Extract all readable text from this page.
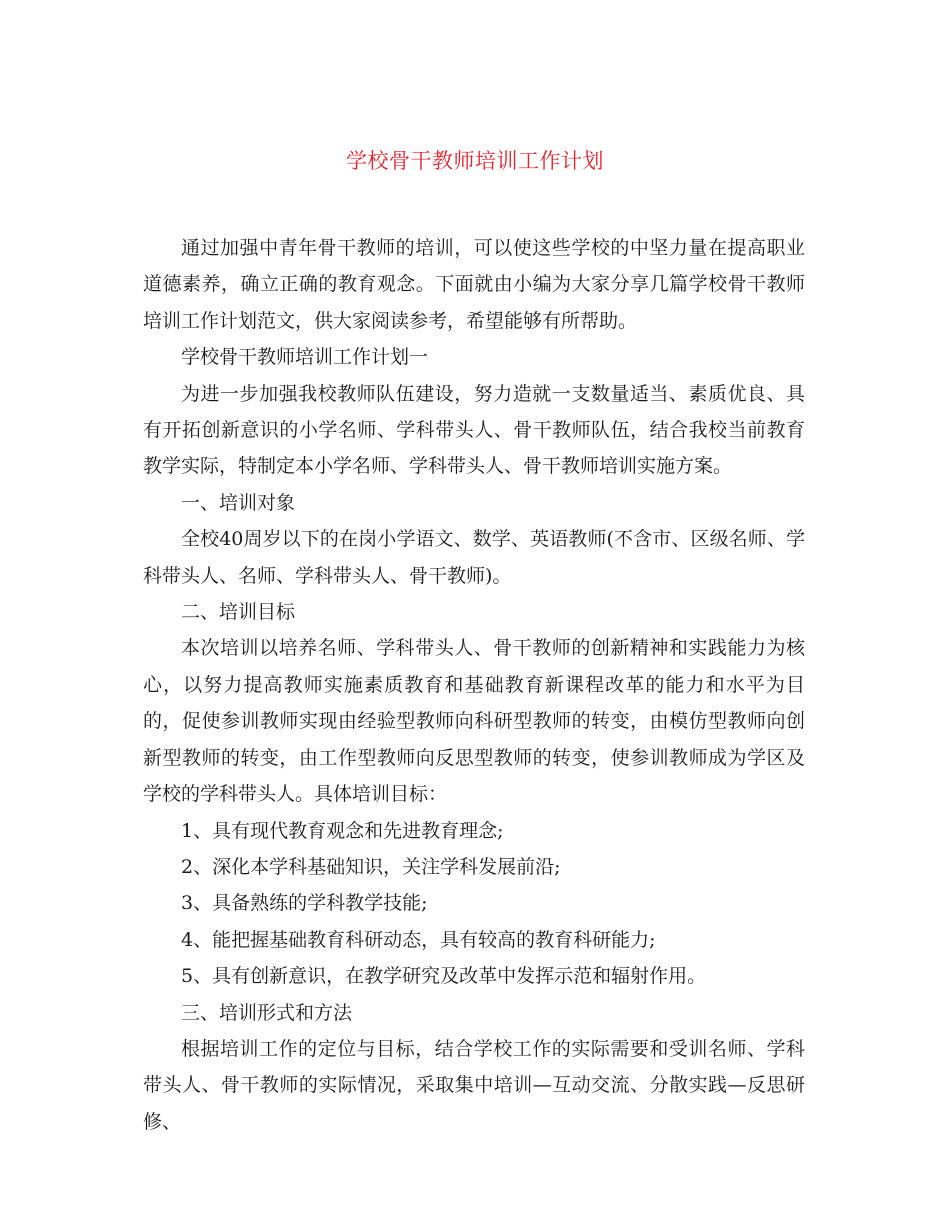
学校骨干教师培训工作计划

通过加强中青年骨干教师的培训，可以使这些学校的中坚力量在提高职业道德素养，确立正确的教育观念。下面就由小编为大家分享几篇学校骨干教师培训工作计划范文，供大家阅读参考，希望能够有所帮助。

学校骨干教师培训工作计划一

为进一步加强我校教师队伍建设，努力造就一支数量适当、素质优良、具有开拓创新意识的小学名师、学科带头人、骨干教师队伍，结合我校当前教育教学实际，特制定本小学名师、学科带头人、骨干教师培训实施方案。

一、培训对象

全校40周岁以下的在岗小学语文、数学、英语教师(不含市、区级名师、学科带头人、名师、学科带头人、骨干教师)。

二、培训目标

本次培训以培养名师、学科带头人、骨干教师的创新精神和实践能力为核心，以努力提高教师实施素质教育和基础教育新课程改革的能力和水平为目的，促使参训教师实现由经验型教师向科研型教师的转变，由模仿型教师向创新型教师的转变，由工作型教师向反思型教师的转变，使参训教师成为学区及学校的学科带头人。具体培训目标：

1、具有现代教育观念和先进教育理念;

2、深化本学科基础知识，关注学科发展前沿;

3、具备熟练的学科教学技能;

4、能把握基础教育科研动态，具有较高的教育科研能力;

5、具有创新意识，在教学研究及改革中发挥示范和辐射作用。

三、培训形式和方法

根据培训工作的定位与目标，结合学校工作的实际需要和受训名师、学科带头人、骨干教师的实际情况，采取集中培训—互动交流、分散实践—反思研修、
